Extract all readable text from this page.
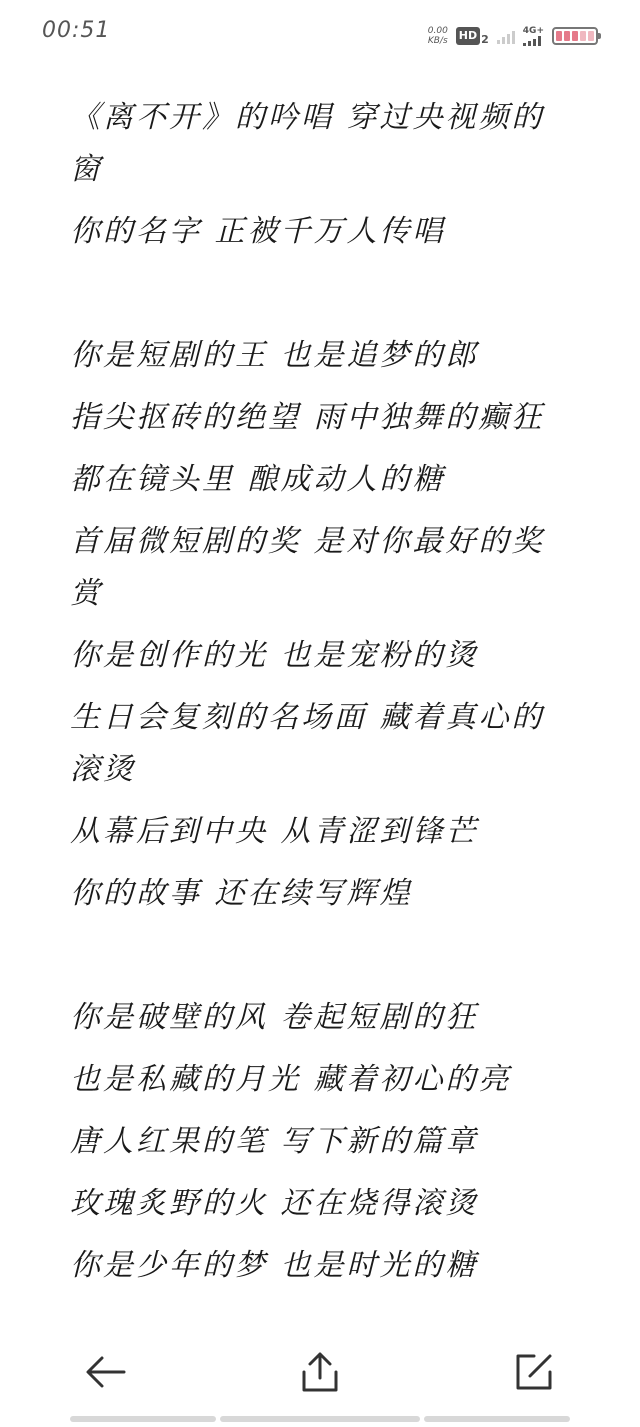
00:51	0.00
KB/s HD 2
4G+

《离不开》的吟唱 穿过央视频的

窗

你的名字 正被千万人传唱

你是短剧的王 也是追梦的郎

指尖抠砖的绝望 雨中独舞的癫狂

都在镜头里 酿成动人的糖

首届微短剧的奖 是对你最好的奖

赏

你是创作的光 也是宠粉的烫

生日会复刻的名场面 藏着真心的

滚烫

从幕后到中央 从青涩到锋芒

你的故事 还在续写辉煌

你是破壁的风 卷起短剧的狂

也是私藏的月光 藏着初心的亮

唐人红果的笔 写下新的篇章

玫瑰炙野的火 还在烧得滚烫

你是少年的梦 也是时光的糖
